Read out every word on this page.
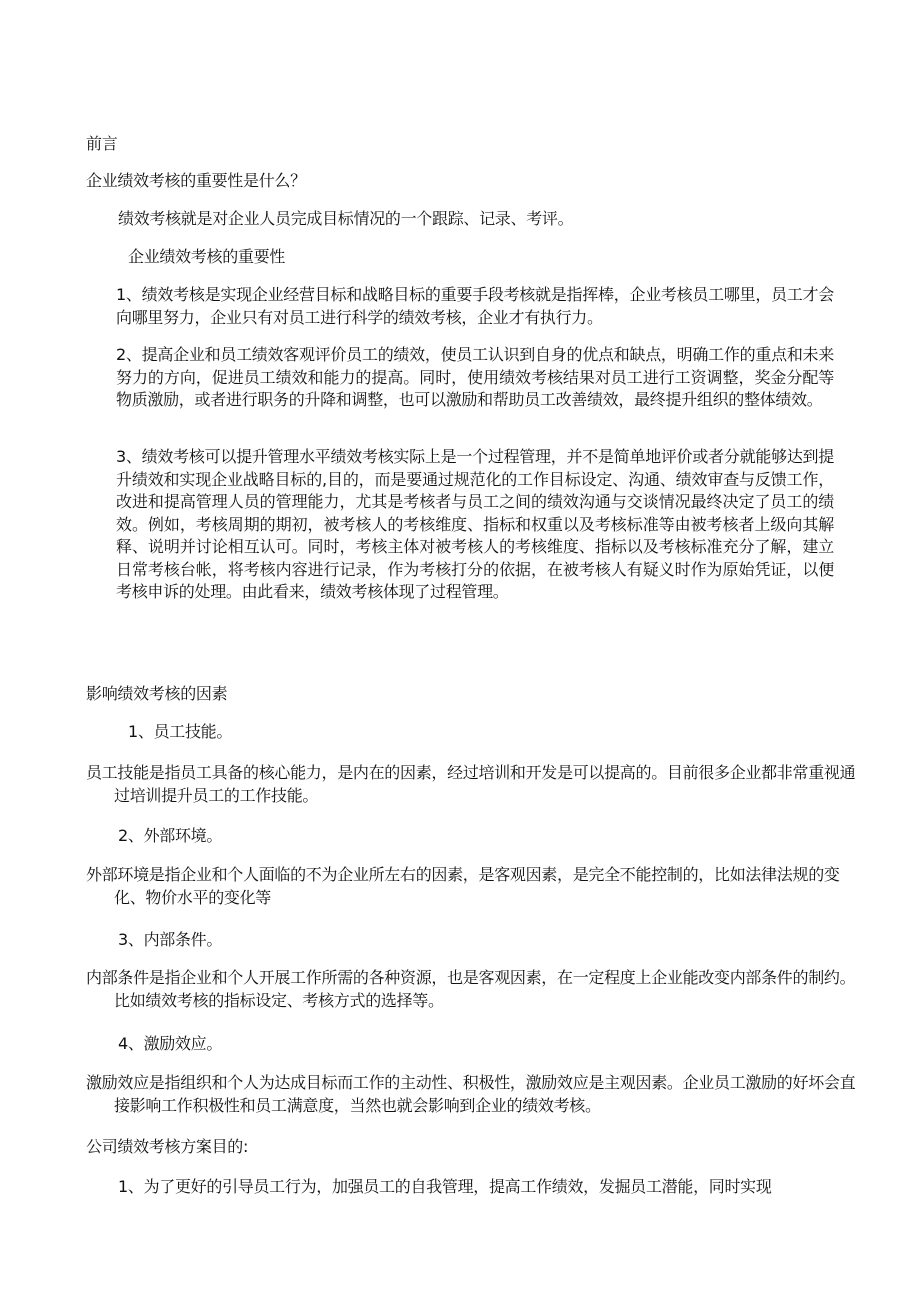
前言

企业绩效考核的重要性是什么？

绩效考核就是对企业人员完成目标情况的一个跟踪、记录、考评。

企业绩效考核的重要性

1、绩效考核是实现企业经营目标和战略目标的重要手段考核就是指挥棒，企业考核员工哪里，员工才会向哪里努力，企业只有对员工进行科学的绩效考核，企业才有执行力。

2、提高企业和员工绩效客观评价员工的绩效，使员工认识到自身的优点和缺点，明确工作的重点和未来努力的方向，促进员工绩效和能力的提高。同时，使用绩效考核结果对员工进行工资调整，奖金分配等物质激励，或者进行职务的升降和调整，也可以激励和帮助员工改善绩效，最终提升组织的整体绩效。

3、绩效考核可以提升管理水平绩效考核实际上是一个过程管理，并不是简单地评价或者分就能够达到提升绩效和实现企业战略目标的,目的，而是要通过规范化的工作目标设定、沟通、绩效审查与反馈工作，改进和提高管理人员的管理能力，尤其是考核者与员工之间的绩效沟通与交谈情况最终决定了员工的绩效。例如，考核周期的期初，被考核人的考核维度、指标和权重以及考核标准等由被考核者上级向其解释、说明并讨论相互认可。同时，考核主体对被考核人的考核维度、指标以及考核标准充分了解，建立日常考核台帐，将考核内容进行记录，作为考核打分的依据，在被考核人有疑义时作为原始凭证，以便考核申诉的处理。由此看来，绩效考核体现了过程管理。

影响绩效考核的因素

1、员工技能。

员工技能是指员工具备的核心能力，是内在的因素，经过培训和开发是可以提高的。目前很多企业都非常重视通过培训提升员工的工作技能。

2、外部环境。

外部环境是指企业和个人面临的不为企业所左右的因素，是客观因素，是完全不能控制的，比如法律法规的变化、物价水平的变化等

3、内部条件。

内部条件是指企业和个人开展工作所需的各种资源，也是客观因素，在一定程度上企业能改变内部条件的制约。比如绩效考核的指标设定、考核方式的选择等。

4、激励效应。

激励效应是指组织和个人为达成目标而工作的主动性、积极性，激励效应是主观因素。企业员工激励的好坏会直接影响工作积极性和员工满意度，当然也就会影响到企业的绩效考核。

公司绩效考核方案目的:

1、为了更好的引导员工行为，加强员工的自我管理，提高工作绩效，发掘员工潜能，同时实现
